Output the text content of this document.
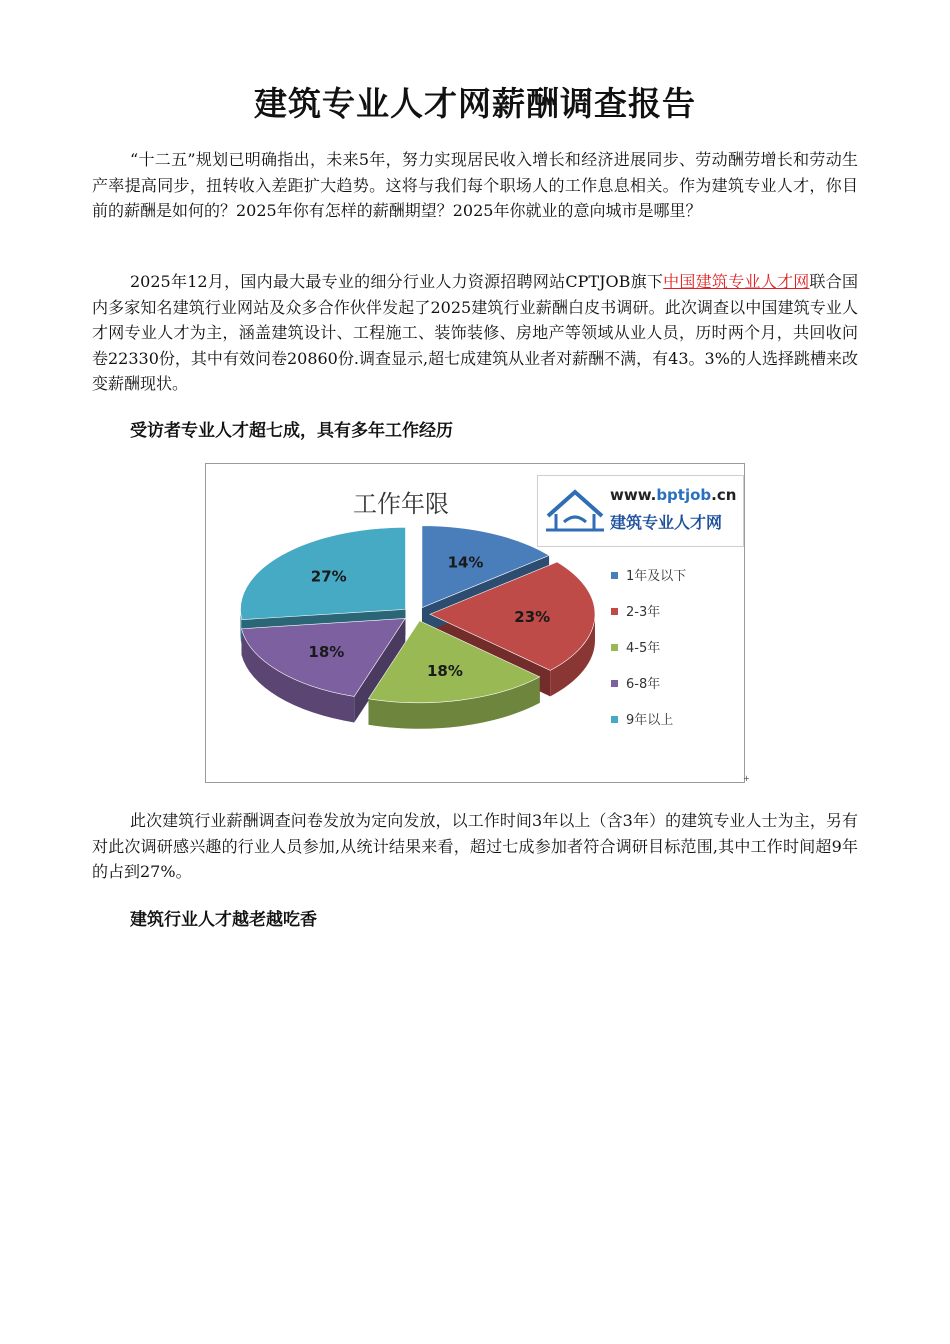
建筑专业人才网薪酬调查报告

“十二五”规划已明确指出，未来5年，努力实现居民收入增长和经济进展同步、劳动酬劳增长和劳动生产率提高同步，扭转收入差距扩大趋势。这将与我们每个职场人的工作息息相关。作为建筑专业人才，你目前的薪酬是如何的？2025年你有怎样的薪酬期望？2025年你就业的意向城市是哪里？

2025年12月，国内最大最专业的细分行业人力资源招聘网站CPTJOB旗下中国建筑专业人才网联合国内多家知名建筑行业网站及众多合作伙伴发起了2025建筑行业薪酬白皮书调研。此次调查以中国建筑专业人才网专业人才为主，涵盖建筑设计、工程施工、装饰装修、房地产等领域从业人员，历时两个月，共回收问卷22330份，其中有效问卷20860份.调查显示,超七成建筑从业者对薪酬不满，有43。3%的人选择跳槽来改变薪酬现状。

受访者专业人才超七成，具有多年工作经历

工作年限
14%
23%
18%
18%
27%	1年及以下
2-3年
4-5年
6-8年
9年以上
www.bptjob.cn
建筑专业人才网
+

此次建筑行业薪酬调查问卷发放为定向发放，以工作时间3年以上（含3年）的建筑专业人士为主，另有对此次调研感兴趣的行业人员参加,从统计结果来看，超过七成参加者符合调研目标范围,其中工作时间超9年的占到27%。

建筑行业人才越老越吃香
